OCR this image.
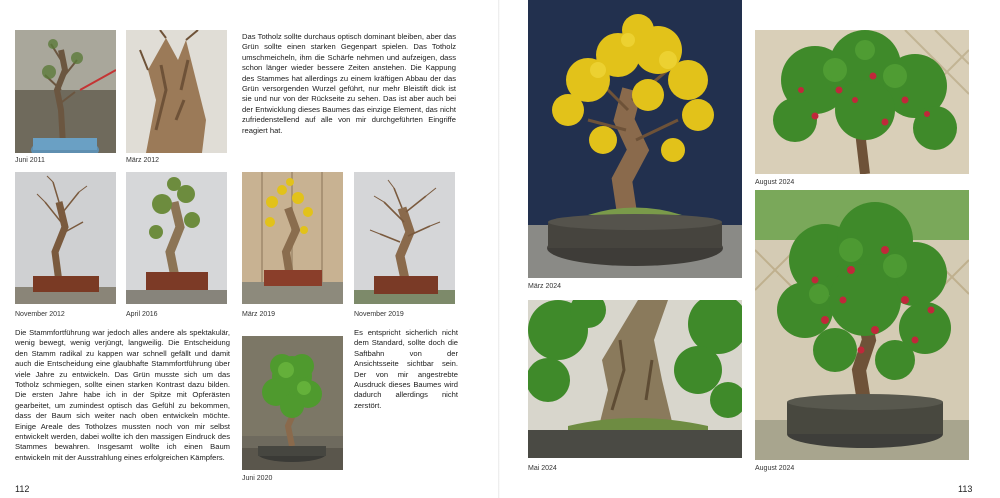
Juni 2011	März 2012
Das Totholz sollte durchaus optisch dominant bleiben, aber das Grün sollte einen starken Gegenpart spielen. Das Totholz umschmeicheln, ihm die Schärfe nehmen und aufzeigen, dass schon länger wieder bessere Zeiten anstehen. Die Kappung des Stammes hat allerdings zu einem kräftigen Abbau der das Grün versorgenden Wurzel geführt, nur mehr Bleistift dick ist sie und nur von der Rückseite zu sehen. Das ist aber auch bei der Entwicklung dieses Baumes das einzige Element, das nicht zufriedenstellend auf alle von mir durchgeführten Eingriffe reagiert hat.
November 2012	April 2016	März 2019	November 2019
Die Stammfortführung war jedoch alles andere als spektakulär, wenig bewegt, wenig verjüngt, langweilig. Die Entscheidung den Stamm radikal zu kappen war schnell gefällt und damit auch die Entscheidung eine glaubhafte Stammfortführung über viele Jahre zu entwickeln. Das Grün musste sich um das Totholz schmiegen, sollte einen starken Kontrast dazu bilden. Die ersten Jahre habe ich in der Spitze mit Opferästen gearbeitet, um zumindest optisch das Gefühl zu bekommen, dass der Baum sich weiter nach oben entwickeln möchte. Einige Areale des Totholzes mussten noch von mir selbst entwickelt werden, dabei wollte ich den massigen Eindruck des Stammes bewahren. Insgesamt wollte ich einen Baum entwickeln mit der Ausstrahlung eines erfolgreichen Kämpfers.
Juni 2020
Es entspricht sicherlich nicht dem Standard, sollte doch die Saftbahn von der Ansichtsseite sichtbar sein. Der von mir angestrebte Ausdruck dieses Baumes wird dadurch allerdings nicht zerstört.
112
März 2024
August 2024
August 2024
Mai 2024
113
